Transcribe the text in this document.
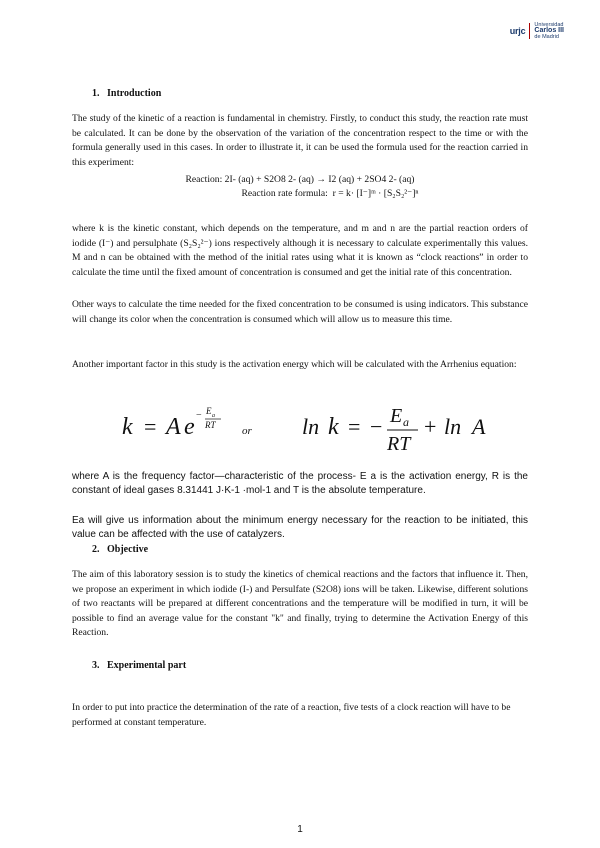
urjc
Universidad
Carlos III
de Madrid
1.   Introduction

The study of the kinetic of a reaction is fundamental in chemistry. Firstly, to conduct this study, the reaction rate must be calculated. It can be done by the observation of the variation of the concentration respect to the time or with the formula generally used in this cases. In order to illustrate it, it can be used the formula used for the reaction carried in this experiment:

Reaction: 2I- (aq) + S2O8 2- (aq) → I2 (aq) + 2SO4 2- (aq)
Reaction rate formula: r = k· [I⁻]ᵐ · [S₂S₂²⁻]ⁿ

where k is the kinetic constant, which depends on the temperature, and m and n are the partial reaction orders of iodide (I⁻) and persulphate (S₂S₂²⁻) ions respectively although it is necessary to calculate experimentally this values. M and n can be obtained with the method of the initial rates using what it is known as “clock reactions” in order to calculate the time until the fixed amount of concentration is consumed and get the initial rate of this concentration.

Other ways to calculate the time needed for the fixed concentration to be consumed is using indicators. This substance will change its color when the concentration is consumed which will allow us to measure this time.

Another important factor in this study is the activation energy which will be calculated with the Arrhenius equation:

k = A e − E a
RT or ln k = − E a
RT
+ ln A

where A is the frequency factor—characteristic of the process- E a is the activation energy, R is the constant of ideal gases 8.31441 J·K-1 ·mol-1 and T is the absolute temperature.

Ea will give us information about the minimum energy necessary for the reaction to be initiated, this value can be affected with the use of catalyzers.

2.   Objective

The aim of this laboratory session is to study the kinetics of chemical reactions and the factors that influence it. Then, we propose an experiment in which iodide (I-) and Persulfate (S2O8) ions will be taken. Likewise, different solutions of two reactants will be prepared at different concentrations and the temperature will be modified in turn, it will be possible to find an average value for the constant "k" and finally, trying to determine the Activation Energy of this Reaction.

3.   Experimental part

In order to put into practice the determination of the rate of a reaction, five tests of a clock reaction will have to be performed at constant temperature.

1
